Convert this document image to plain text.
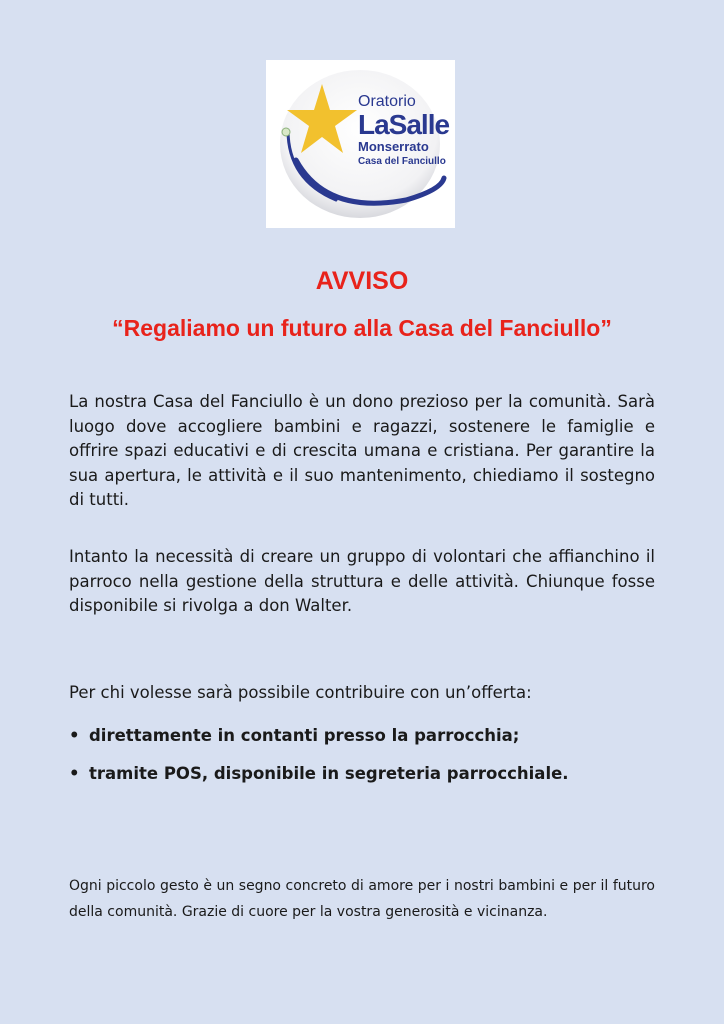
Oratorio
LaSalle
Monserrato
Casa del Fanciullo
AVVISO
“Regaliamo un futuro alla Casa del Fanciullo”

La nostra Casa del Fanciullo è un dono prezioso per la comunità. Sarà luogo dove accogliere bambini e ragazzi, sostenere le famiglie e offrire spazi educativi e di crescita umana e cristiana. Per garantire la sua apertura, le attività e il suo mantenimento, chiediamo il sostegno di tutti.

Intanto la necessità di creare un gruppo di volontari che affianchino il parroco nella gestione della struttura e delle attività. Chiunque fosse disponibile si rivolga a don Walter.

Per chi volesse sarà possibile contribuire con un’offerta:

• direttamente in contanti presso la parrocchia;
• tramite POS, disponibile in segreteria parrocchiale.

Ogni piccolo gesto è un segno concreto di amore per i nostri bambini e per il futuro della comunità. Grazie di cuore per la vostra generosità e vicinanza.
